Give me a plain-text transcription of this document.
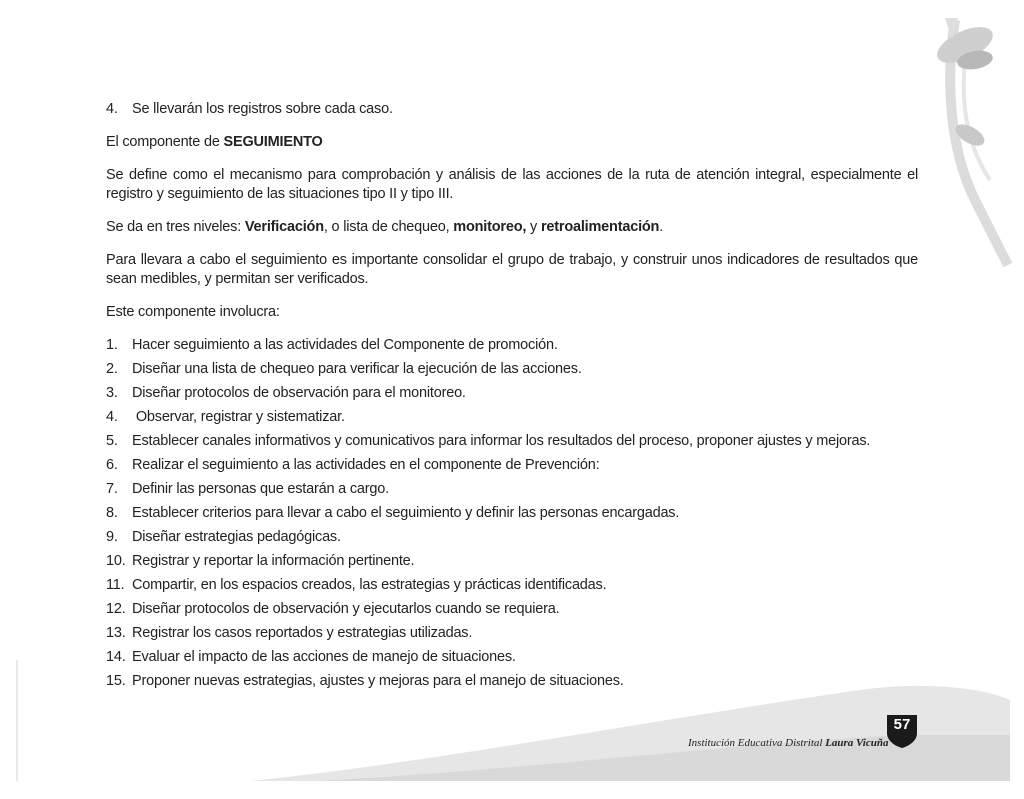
4. Se llevarán los registros sobre cada caso.

El componente de SEGUIMIENTO

Se define como el mecanismo para comprobación y análisis de las acciones de la ruta de atención integral, especialmente el registro y seguimiento de las situaciones tipo II y tipo III.

Se da en tres niveles: Verificación, o lista de chequeo, monitoreo, y retroalimentación.

Para llevara a cabo el seguimiento es importante consolidar el grupo de trabajo, y construir unos indicadores de resultados que sean medibles, y permitan ser verificados.

Este componente involucra:

1. Hacer seguimiento a las actividades del Componente de promoción.
2. Diseñar una lista de chequeo para verificar la ejecución de las acciones.
3. Diseñar protocolos de observación para el monitoreo.
4. Observar, registrar y sistematizar.
5. Establecer canales informativos y comunicativos para informar los resultados del proceso, proponer ajustes y mejoras.
6. Realizar el seguimiento a las actividades en el componente de Prevención:
7. Definir las personas que estarán a cargo.
8. Establecer criterios para llevar a cabo el seguimiento y definir las personas encargadas.
9. Diseñar estrategias pedagógicas.
10. Registrar y reportar la información pertinente.
11. Compartir, en los espacios creados, las estrategias y prácticas identificadas.
12. Diseñar protocolos de observación y ejecutarlos cuando se requiera.
13. Registrar los casos reportados y estrategias utilizadas.
14. Evaluar el impacto de las acciones de manejo de situaciones.
15. Proponer nuevas estrategias, ajustes y mejoras para el manejo de situaciones.
Institución Educativa Distrital Laura Vicuña
57
